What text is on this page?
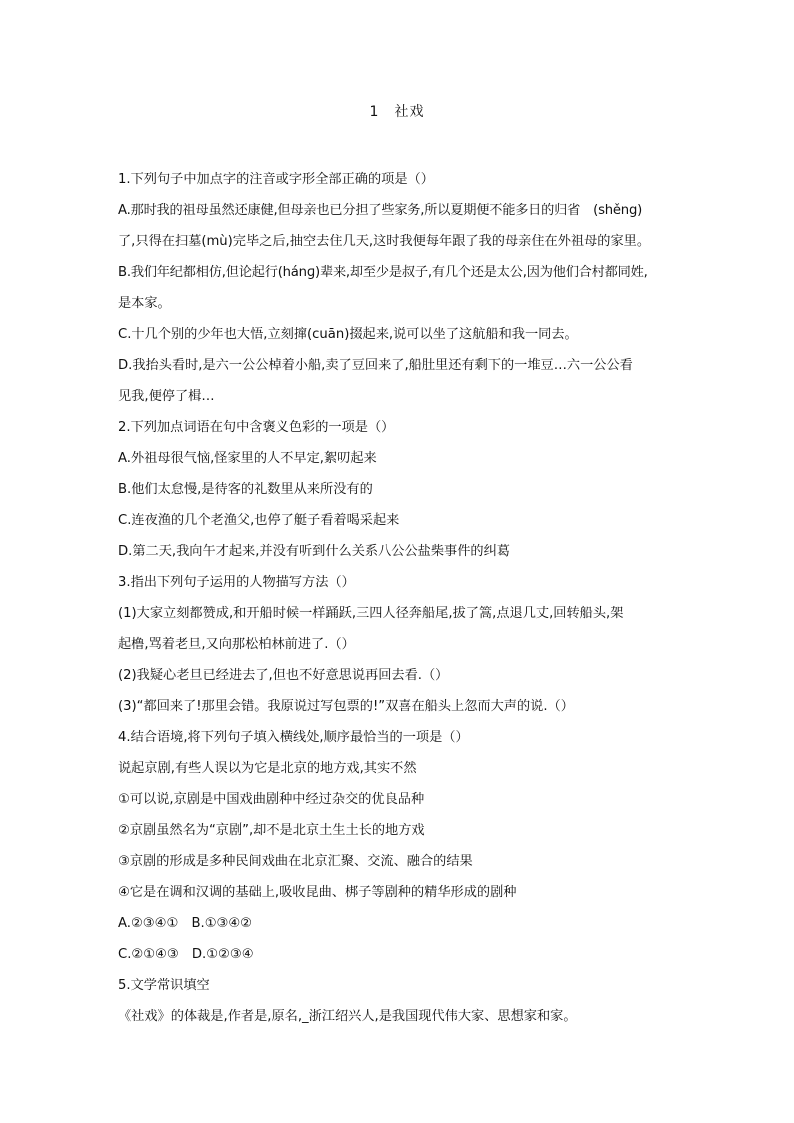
1　社戏
1.下列句子中加点字的注音或字形全部正确的项是（）
A.那时我的祖母虽然还康健,但母亲也已分担了些家务,所以夏期便不能多日的归省　(shěng)
了,只得在扫墓(mù)完毕之后,抽空去住几天,这时我便每年跟了我的母亲住在外祖母的家里。
B.我们年纪都相仿,但论起行(hánɡ)辈来,却至少是叔子,有几个还是太公,因为他们合村都同姓,
是本家。
C.十几个别的少年也大悟,立刻撺(cuān)掇起来,说可以坐了这航船和我一同去。
D.我抬头看时,是六一公公棹着小船,卖了豆回来了,船肚里还有剩下的一堆豆…六一公公看
见我,便停了楫…
2.下列加点词语在句中含褒义色彩的一项是（）
A.外祖母很气恼,怪家里的人不早定,絮叨起来
B.他们太怠慢,是待客的礼数里从来所没有的
C.连夜渔的几个老渔父,也停了艇子看着喝采起来
D.第二天,我向午才起来,并没有听到什么关系八公公盐柴事件的纠葛
3.指出下列句子运用的人物描写方法（）
(1)大家立刻都赞成,和开船时候一样踊跃,三四人径奔船尾,拔了篙,点退几丈,回转船头,架
起橹,骂着老旦,又向那松柏林前进了.（）
(2)我疑心老旦已经进去了,但也不好意思说再回去看.（）
(3)“都回来了!那里会错。我原说过写包票的!”双喜在船头上忽而大声的说.（）
4.结合语境,将下列句子填入横线处,顺序最恰当的一项是（）
说起京剧,有些人误以为它是北京的地方戏,其实不然
①可以说,京剧是中国戏曲剧种中经过杂交的优良品种
②京剧虽然名为“京剧”,却不是北京土生土长的地方戏
③京剧的形成是多种民间戏曲在北京汇聚、交流、融合的结果
④它是在调和汉调的基础上,吸收昆曲、梆子等剧种的精华形成的剧种
A.②③④①　B.①③④②
C.②①④③　D.①②③④
5.文学常识填空
《社戏》的体裁是,作者是,原名,_浙江绍兴人,是我国现代伟大家、思想家和家。
